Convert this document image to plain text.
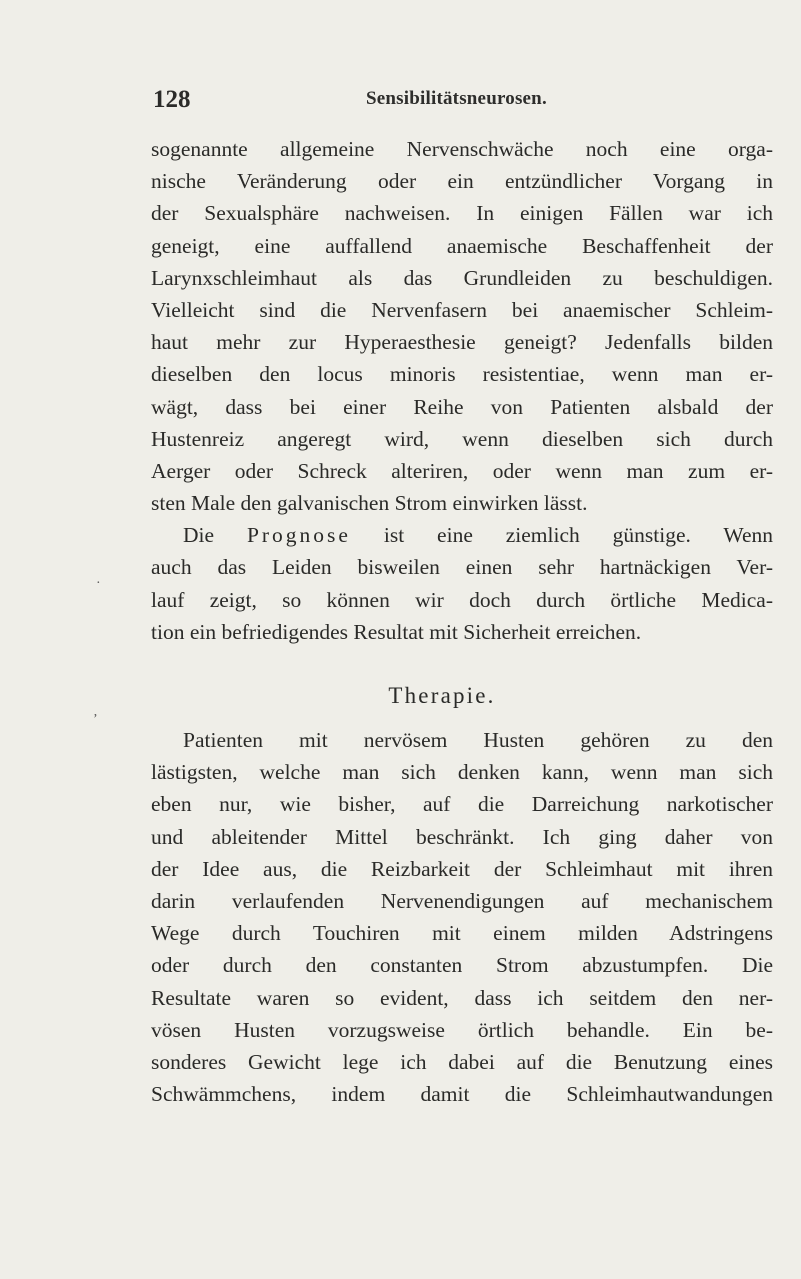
128	Sensibilitätsneurosen.
sogenannte allgemeine Nervenschwäche noch eine orga-
nische Veränderung oder ein entzündlicher Vorgang in
der Sexualsphäre nachweisen. In einigen Fällen war ich
geneigt, eine auffallend anaemische Beschaffenheit der
Larynxschleimhaut als das Grundleiden zu beschuldigen.
Vielleicht sind die Nervenfasern bei anaemischer Schleim-
haut mehr zur Hyperaesthesie geneigt? Jedenfalls bilden
dieselben den locus minoris resistentiae, wenn man er-
wägt, dass bei einer Reihe von Patienten alsbald der
Hustenreiz angeregt wird, wenn dieselben sich durch
Aerger oder Schreck alteriren, oder wenn man zum er-
sten Male den galvanischen Strom einwirken lässt.
Die Prognose ist eine ziemlich günstige. Wenn
auch das Leiden bisweilen einen sehr hartnäckigen Ver-
lauf zeigt, so können wir doch durch örtliche Medica-
tion ein befriedigendes Resultat mit Sicherheit erreichen.
Therapie.
Patienten mit nervösem Husten gehören zu den
lästigsten, welche man sich denken kann, wenn man sich
eben nur, wie bisher, auf die Darreichung narkotischer
und ableitender Mittel beschränkt. Ich ging daher von
der Idee aus, die Reizbarkeit der Schleimhaut mit ihren
darin verlaufenden Nervenendigungen auf mechanischem
Wege durch Touchiren mit einem milden Adstringens
oder durch den constanten Strom abzustumpfen. Die
Resultate waren so evident, dass ich seitdem den ner-
vösen Husten vorzugsweise örtlich behandle. Ein be-
sonderes Gewicht lege ich dabei auf die Benutzung eines
Schwämmchens, indem damit die Schleimhautwandungen
·
ʼ
